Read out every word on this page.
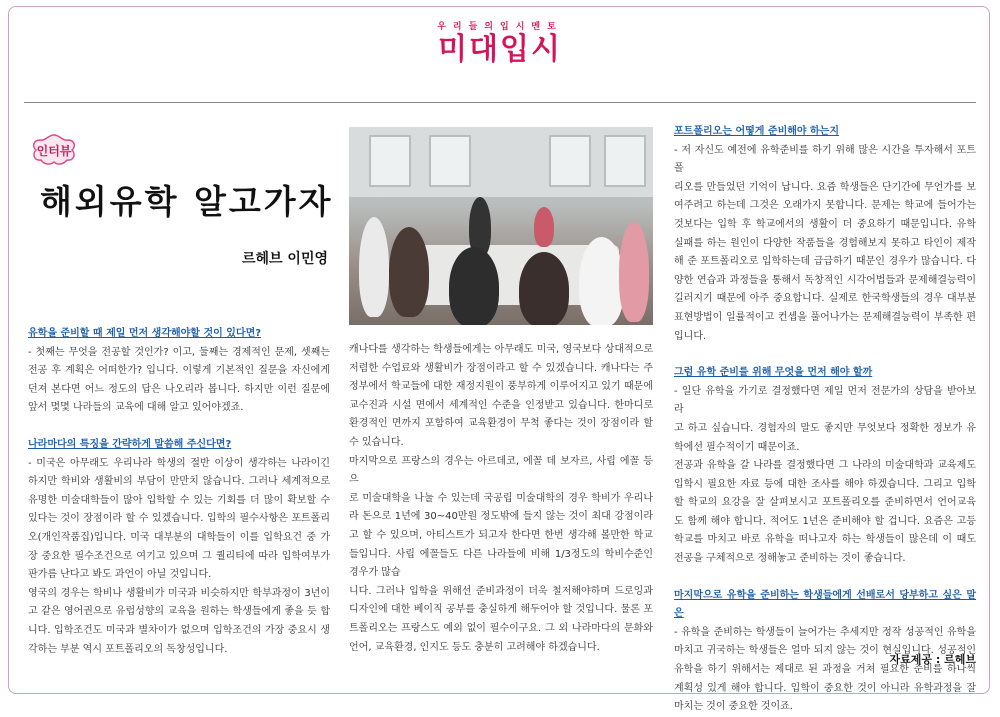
우리들의입시멘토
미대입시
인터뷰
해외유학 알고가자
르헤브 이민영

유학을 준비할 때 제일 먼저 생각해야할 것이 있다면?

- 첫째는 무엇을 전공할 것인가? 이고, 둘째는 경제적인 문제, 셋째는 전공 후 계획은 어떠한가? 입니다. 이렇게 기본적인 질문을 자신에게 던져 본다면 어느 정도의 답은 나오리라 봅니다. 하지만 이런 질문에 앞서 몇몇 나라들의 교육에 대해 알고 있어야겠죠.

나라마다의 특징을 간략하게 말씀해 주신다면?

- 미국은 아무래도 우리나라 학생의 절반 이상이 생각하는 나라이긴 하지만 학비와 생활비의 부담이 만만치 않습니다. 그러나 세계적으로 유명한 미술대학들이 많아 입학할 수 있는 기회를 더 많이 확보할 수 있다는 것이 장점이라 할 수 있겠습니다. 입학의 필수사항은 포트폴리오(개인작품집)입니다. 미국 대부분의 대학들이 이를 입학요건 중 가장 중요한 필수조건으로 여기고 있으며 그 퀄리티에 따라 입학여부가 판가름 난다고 봐도 과언이 아닐 것입니다.

영국의 경우는 학비나 생활비가 미국과 비슷하지만 학부과정이 3년이고 같은 영어권으로 유럽성향의 교육을 원하는 학생들에게 좋을 듯 합니다. 입학조건도 미국과 별차이가 없으며 입학조건의 가장 중요시 생각하는 부분 역시 포트폴리오의 독창성입니다.

캐나다를 생각하는 학생들에게는 아무래도 미국, 영국보다 상대적으로 저렴한 수업료와 생활비가 장점이라고 할 수 있겠습니다. 캐나다는 주정부에서 학교들에 대한 재정지원이 풍부하게 이루어지고 있기 때문에 교수진과 시설 면에서 세계적인 수준을 인정받고 있습니다. 한마디로 환경적인 면까지 포함하여 교육환경이 무척 좋다는 것이 장점이라 할 수 있습니다.

마지막으로 프랑스의 경우는 아르데코, 에꼴 데 보자르, 사립 에꼴 등으

로 미술대학을 나눌 수 있는데 국공립 미술대학의 경우 학비가 우리나라 돈으로 1년에 30~40만원 정도밖에 들지 않는 것이 최대 강점이라고 할 수 있으며, 아티스트가 되고자 한다면 한번 생각해 볼만한 학교들입니다. 사립 에꼴들도 다른 나라들에 비해 1/3정도의 학비수준인 경우가 많습

니다. 그러나 입학을 위해선 준비과정이 더욱 철저해야하며 드로잉과 디자인에 대한 베이직 공부를 충실하게 해두어야 할 것입니다. 물론 포트폴리오는 프랑스도 예외 없이 필수이구요. 그 외 나라마다의 문화와 언어, 교육환경, 인지도 등도 충분히 고려해야 하겠습니다.

포트폴리오는 어떻게 준비해야 하는지

- 저 자신도 예전에 유학준비를 하기 위해 많은 시간을 투자해서 포트폴

리오를 만들었던 기억이 납니다. 요즘 학생들은 단기간에 무언가를 보여주려고 하는데 그것은 오래가지 못합니다. 문제는 학교에 들어가는 것보다는 입학 후 학교에서의 생활이 더 중요하기 때문입니다. 유학 실패를 하는 원인이 다양한 작품들을 경험해보지 못하고 타인이 제작해 준 포트폴리오로 입학하는데 급급하기 때문인 경우가 많습니다. 다양한 연습과 과정들을 통해서 독창적인 시각어법들과 문제해결능력이 길러지기 때문에 아주 중요합니다. 실제로 한국학생들의 경우 대부분 표현방법이 일률적이고 컨셉을 풀어나가는 문제해결능력이 부족한 편입니다.

그럼 유학 준비를 위해 무엇을 먼저 해야 할까

- 일단 유학을 가기로 결정했다면 제일 먼저 전문가의 상담을 받아보라

고 하고 싶습니다. 경험자의 말도 좋지만 무엇보다 정확한 정보가 유학에선 필수적이기 때문이죠.

전공과 유학을 갈 나라를 결정했다면 그 나라의 미술대학과 교육제도 입학시 필요한 자료 등에 대한 조사를 해야 하겠습니다. 그리고 입학할 학교의 요강을 잘 살펴보시고 포트폴리오를 준비하면서 언어교육도 함께 해야 합니다. 적어도 1년은 준비해야 할 겁니다. 요즘은 고등학교를 마치고 바로 유학을 떠나고자 하는 학생들이 많은데 이 때도 전공을 구체적으로 정해놓고 준비하는 것이 좋습니다.

마지막으로 유학을 준비하는 학생들에게 선배로서 당부하고 싶은 말은

- 유학을 준비하는 학생들이 늘어가는 추세지만 정작 성공적인 유학을 마치고 귀국하는 학생들은 얼마 되지 않는 것이 현실입니다. 성공적인 유학을 하기 위해서는 제대로 된 과정을 거쳐 필요한 준비를 하나씩 계획성 있게 해야 합니다. 입학이 중요한 것이 아니라 유학과정을 잘 마치는 것이 중요한 것이죠.

자료제공 : 르헤브
